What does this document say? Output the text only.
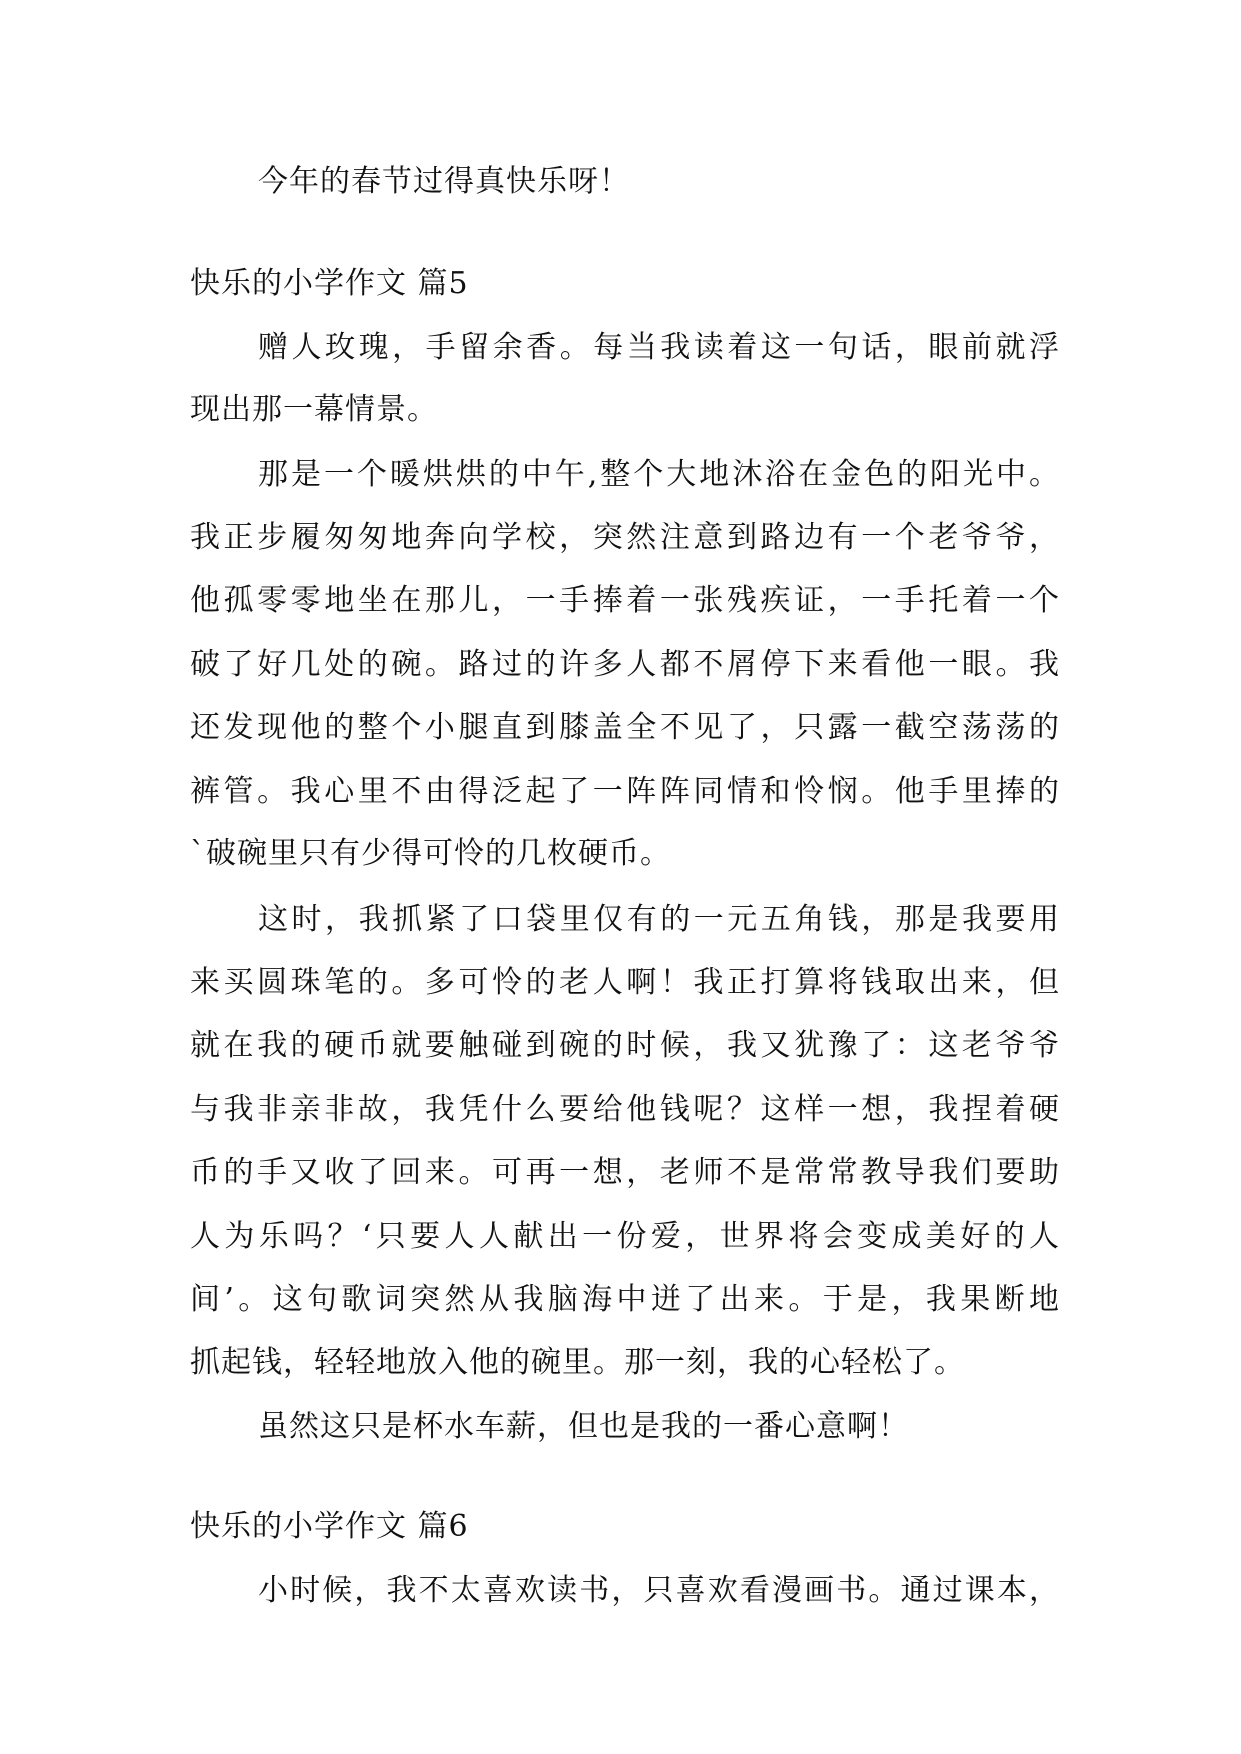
今年的春节过得真快乐呀！
快乐的小学作文 篇5
赠人玫瑰，手留余香。每当我读着这一句话，眼前就浮
现出那一幕情景。
那是一个暖烘烘的中午,整个大地沐浴在金色的阳光中。
我正步履匆匆地奔向学校，突然注意到路边有一个老爷爷，
他孤零零地坐在那儿，一手捧着一张残疾证，一手托着一个
破了好几处的碗。路过的许多人都不屑停下来看他一眼。我
还发现他的整个小腿直到膝盖全不见了，只露一截空荡荡的
裤管。我心里不由得泛起了一阵阵同情和怜悯。他手里捧的
`破碗里只有少得可怜的几枚硬币。
这时，我抓紧了口袋里仅有的一元五角钱，那是我要用
来买圆珠笔的。多可怜的老人啊！我正打算将钱取出来，但
就在我的硬币就要触碰到碗的时候，我又犹豫了：这老爷爷
与我非亲非故，我凭什么要给他钱呢？这样一想，我捏着硬
币的手又收了回来。可再一想，老师不是常常教导我们要助
人为乐吗？‘只要人人献出一份爱，世界将会变成美好的人
间’。这句歌词突然从我脑海中迸了出来。于是，我果断地
抓起钱，轻轻地放入他的碗里。那一刻，我的心轻松了。
虽然这只是杯水车薪，但也是我的一番心意啊！
快乐的小学作文 篇6
小时候，我不太喜欢读书，只喜欢看漫画书。通过课本，
